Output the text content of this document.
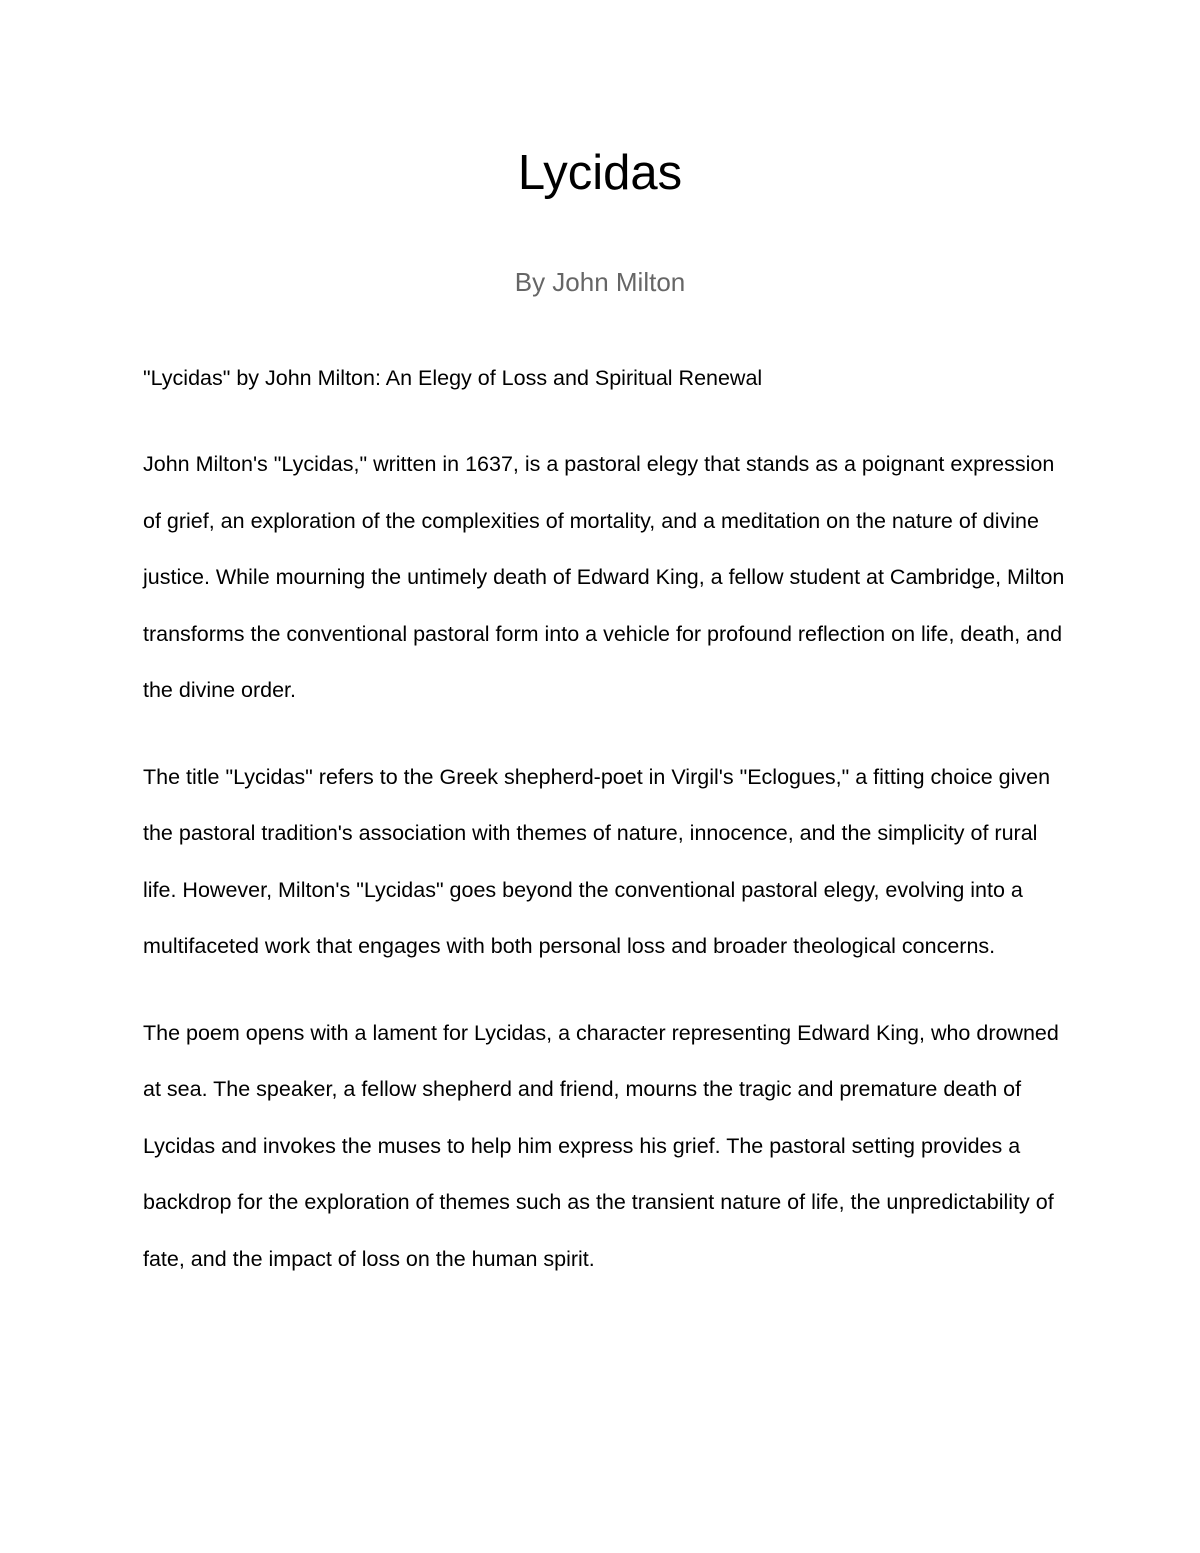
Lycidas

By John Milton

"Lycidas" by John Milton: An Elegy of Loss and Spiritual Renewal

John Milton's "Lycidas," written in 1637, is a pastoral elegy that stands as a poignant expression of grief, an exploration of the complexities of mortality, and a meditation on the nature of divine justice. While mourning the untimely death of Edward King, a fellow student at Cambridge, Milton transforms the conventional pastoral form into a vehicle for profound reflection on life, death, and the divine order.

The title "Lycidas" refers to the Greek shepherd-poet in Virgil's "Eclogues," a fitting choice given the pastoral tradition's association with themes of nature, innocence, and the simplicity of rural life. However, Milton's "Lycidas" goes beyond the conventional pastoral elegy, evolving into a multifaceted work that engages with both personal loss and broader theological concerns.

The poem opens with a lament for Lycidas, a character representing Edward King, who drowned at sea. The speaker, a fellow shepherd and friend, mourns the tragic and premature death of Lycidas and invokes the muses to help him express his grief. The pastoral setting provides a backdrop for the exploration of themes such as the transient nature of life, the unpredictability of fate, and the impact of loss on the human spirit.
